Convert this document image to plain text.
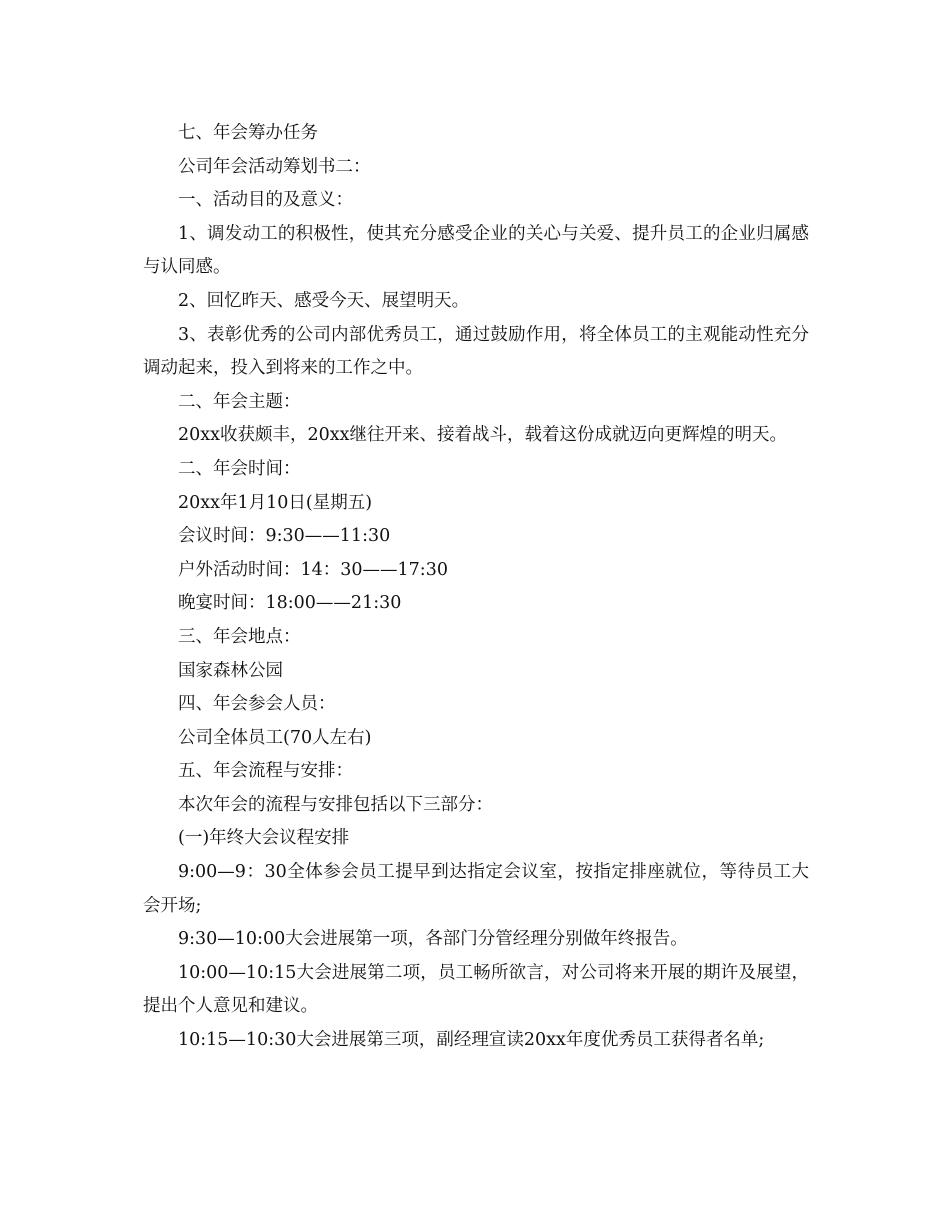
七、年会筹办任务

公司年会活动筹划书二：

一、活动目的及意义：

1、调发动工的积极性，使其充分感受企业的关心与关爱、提升员工的企业归属感与认同感。

2、回忆昨天、感受今天、展望明天。

3、表彰优秀的公司内部优秀员工，通过鼓励作用，将全体员工的主观能动性充分调动起来，投入到将来的工作之中。

二、年会主题：

20xx收获颇丰，20xx继往开来、接着战斗，载着这份成就迈向更辉煌的明天。

二、年会时间：

20xx年1月10日(星期五)

会议时间：9:30——11:30

户外活动时间：14：30——17:30

晚宴时间：18:00——21:30

三、年会地点：

国家森林公园

四、年会参会人员：

公司全体员工(70人左右)

五、年会流程与安排：

本次年会的流程与安排包括以下三部分：

(一)年终大会议程安排

9:00—9：30全体参会员工提早到达指定会议室，按指定排座就位，等待员工大会开场;

9:30—10:00大会进展第一项，各部门分管经理分别做年终报告。

10:00—10:15大会进展第二项，员工畅所欲言，对公司将来开展的期许及展望，提出个人意见和建议。

10:15—10:30大会进展第三项，副经理宣读20xx年度优秀员工获得者名单;
